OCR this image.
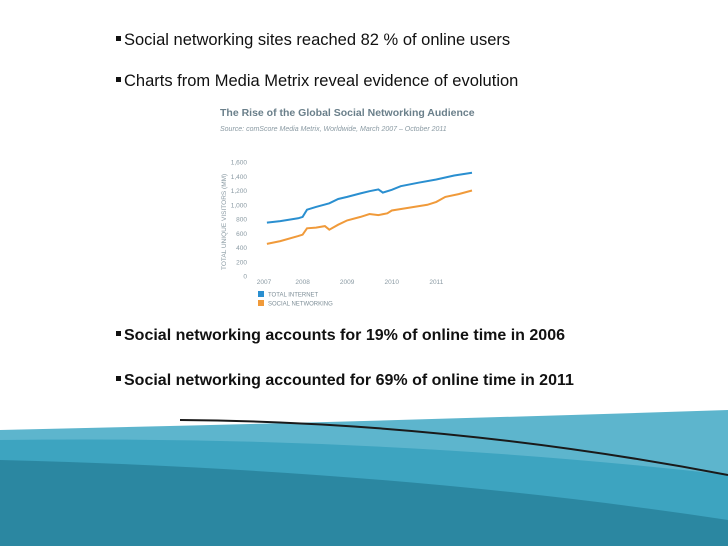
Social networking sites reached 82 % of online users
Charts from Media Metrix reveal evidence of evolution
The Rise of the Global Social Networking Audience
Source: comScore Media Metrix, Worldwide, March 2007 – October 2011
TOTAL UNIQUE VISITORS (MM)
0
200
400
600
800
1,000
1,200
1,400
1,600
2007	2008	2009	2010	2011
TOTAL INTERNET
SOCIAL NETWORKING
Social networking accounts for 19% of online time in 2006
Social networking accounted for 69% of online time in 2011
